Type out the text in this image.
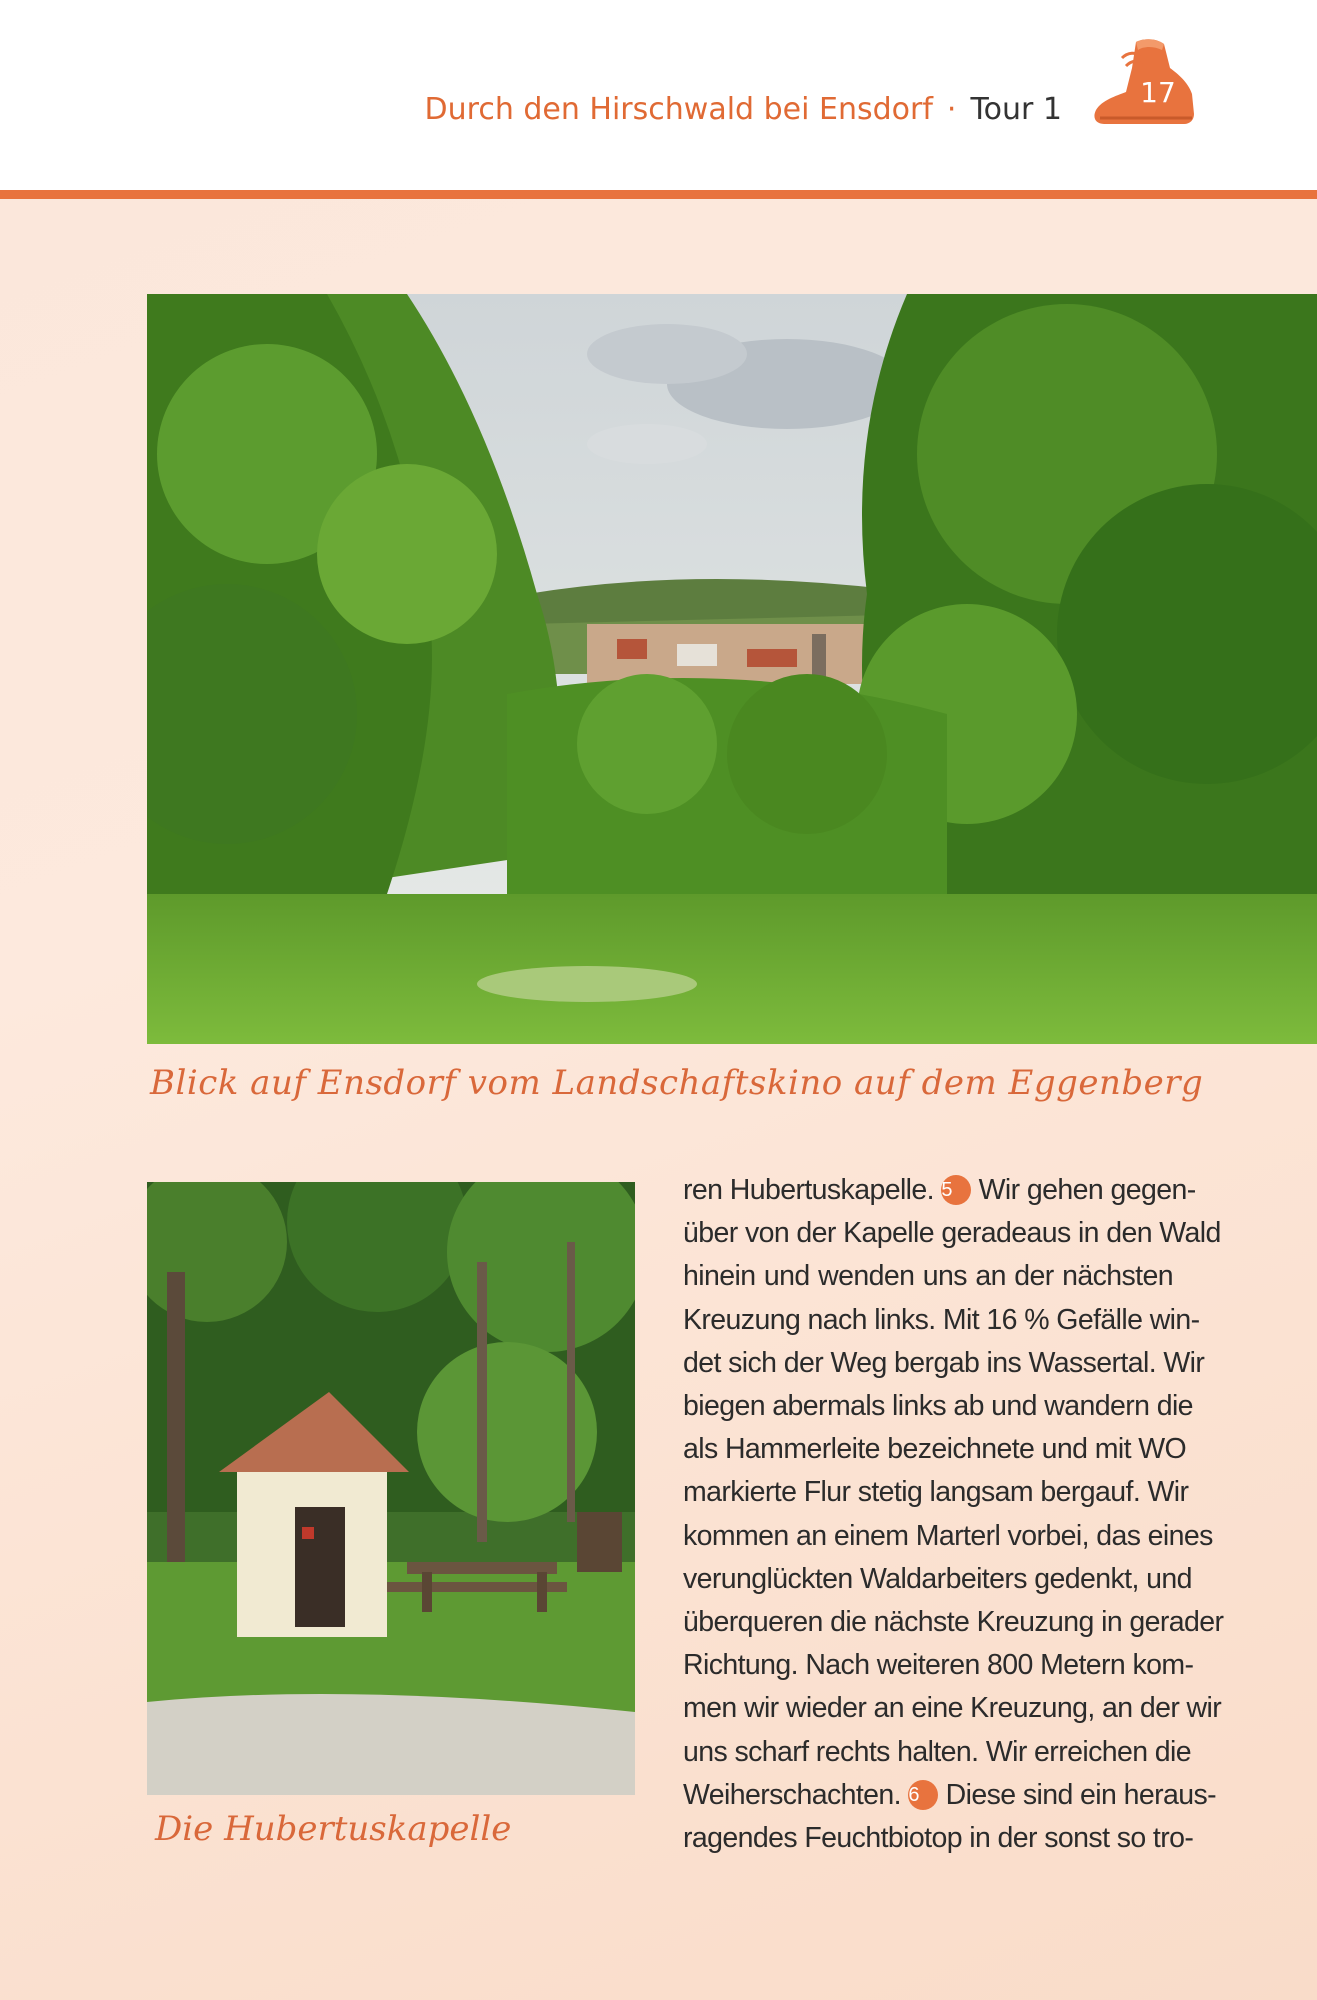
Durch den Hirschwald bei Ensdorf · Tour 1	17
Blick auf Ensdorf vom Landschaftskino auf dem Eggenberg
Die Hubertuskapelle
ren Hubertuskapelle. 5 Wir gehen gegen-
über von der Kapelle geradeaus in den Wald
hinein und wenden uns an der nächsten
Kreuzung nach links. Mit 16 % Gefälle win-
det sich der Weg bergab ins Wassertal. Wir
biegen abermals links ab und wandern die
als Hammerleite bezeichnete und mit WO
markierte Flur stetig langsam bergauf. Wir
kommen an einem Marterl vorbei, das eines
verunglückten Waldarbeiters gedenkt, und
überqueren die nächste Kreuzung in gerader
Richtung. Nach weiteren 800 Metern kom-
men wir wieder an eine Kreuzung, an der wir
uns scharf rechts halten. Wir erreichen die
Weiherschachten. 6 Diese sind ein heraus-
ragendes Feuchtbiotop in der sonst so tro-
